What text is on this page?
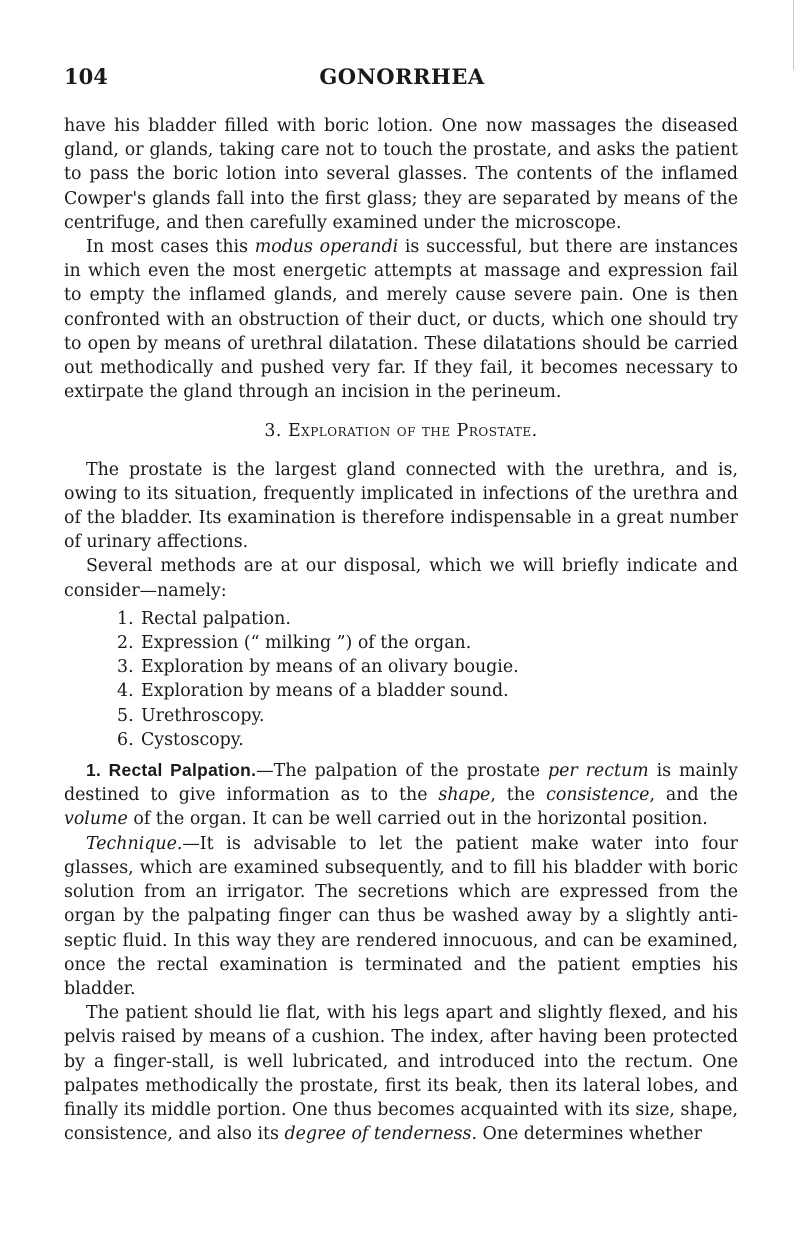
GONORRHEA
104

have his bladder filled with boric lotion. One now massages the diseased gland, or glands, taking care not to touch the prostate, and asks the patient to pass the boric lotion into several glasses. The contents of the inflamed Cowper's glands fall into the first glass; they are separated by means of the centrifuge, and then carefully examined under the microscope.

In most cases this modus operandi is successful, but there are instances in which even the most energetic attempts at massage and expression fail to empty the inflamed glands, and merely cause severe pain. One is then confronted with an obstruction of their duct, or ducts, which one should try to open by means of urethral dilatation. These dilatations should be carried out methodically and pushed very far. If they fail, it becomes necessary to extirpate the gland through an incision in the perineum.

3. Exploration of the Prostate.

The prostate is the largest gland connected with the urethra, and is, owing to its situation, frequently implicated in infections of the urethra and of the bladder. Its examination is therefore indispensable in a great number of urinary affections.

Several methods are at our disposal, which we will briefly indicate and consider—namely:

1. Rectal palpation.
2. Expression (“ milking ”) of the organ.
3. Exploration by means of an olivary bougie.
4. Exploration by means of a bladder sound.
5. Urethroscopy.
6. Cystoscopy.

1. Rectal Palpation.—The palpation of the prostate per rectum is mainly destined to give information as to the shape, the consistence, and the volume of the organ. It can be well carried out in the horizontal position.

Technique.—It is advisable to let the patient make water into four glasses, which are examined subsequently, and to fill his bladder with boric solution from an irrigator. The secretions which are expressed from the organ by the palpating finger can thus be washed away by a slightly anti-septic fluid. In this way they are rendered innocuous, and can be examined, once the rectal examination is terminated and the patient empties his bladder.

The patient should lie flat, with his legs apart and slightly flexed, and his pelvis raised by means of a cushion. The index, after having been protected by a finger-stall, is well lubricated, and introduced into the rectum. One palpates methodically the prostate, first its beak, then its lateral lobes, and finally its middle portion. One thus becomes acquainted with its size, shape, consistence, and also its degree of tenderness. One determines whether
